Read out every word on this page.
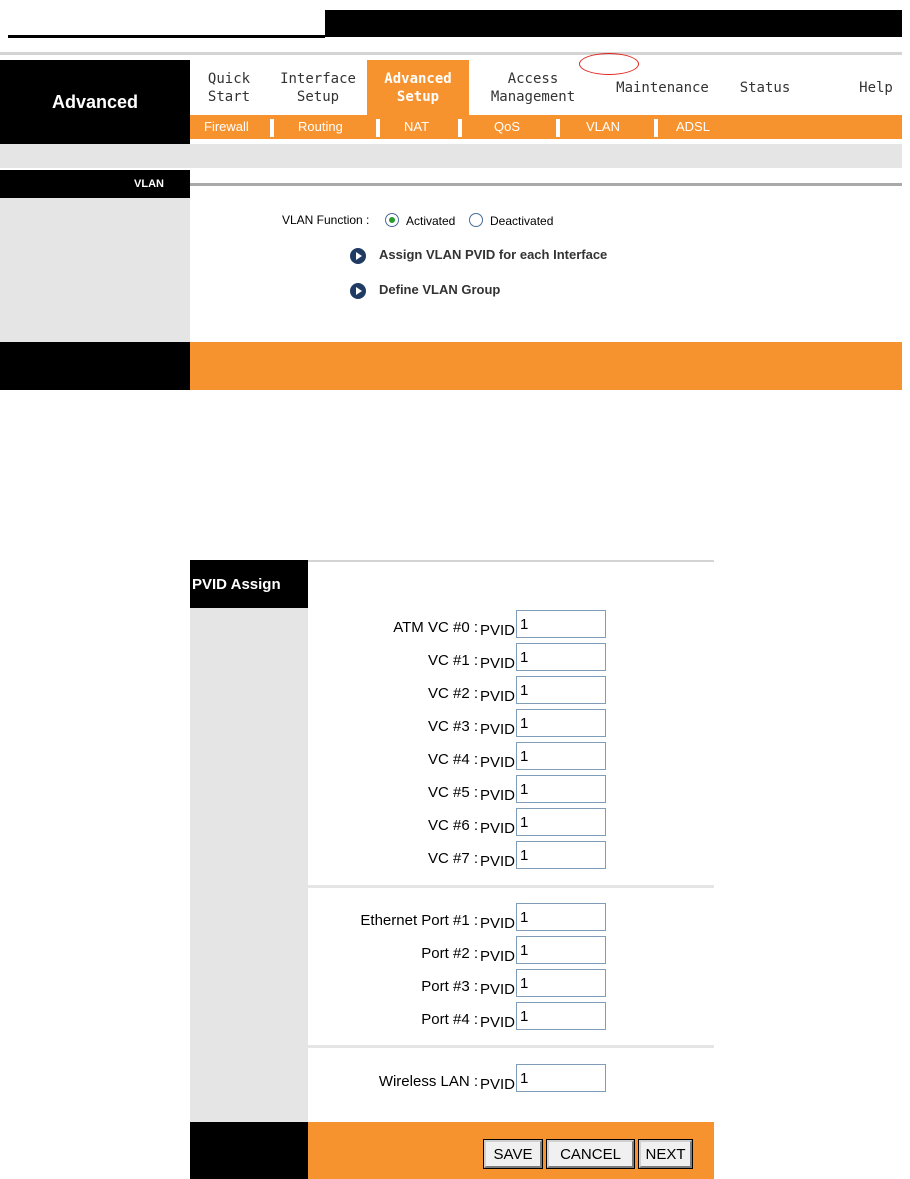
Advanced
Quick
Start
Interface
Setup
Advanced
Setup
Access
Management
Maintenance	Status	Help
Firewall	Routing	NAT	QoS	VLAN	ADSL
VLAN
VLAN Function :	Activated	Deactivated
Assign VLAN PVID for each Interface
Define VLAN Group
PVID Assign
ATM VC #0 : PVID
1
VC #1 : PVID
1
VC #2 : PVID
1
VC #3 : PVID
1
VC #4 : PVID
1
VC #5 : PVID
1
VC #6 : PVID
1
VC #7 : PVID
1
Ethernet Port #1 : PVID
1
Port #2 : PVID
1
Port #3 : PVID
1
Port #4 : PVID
1
Wireless LAN : PVID
1
SAVE	CANCEL	NEXT
